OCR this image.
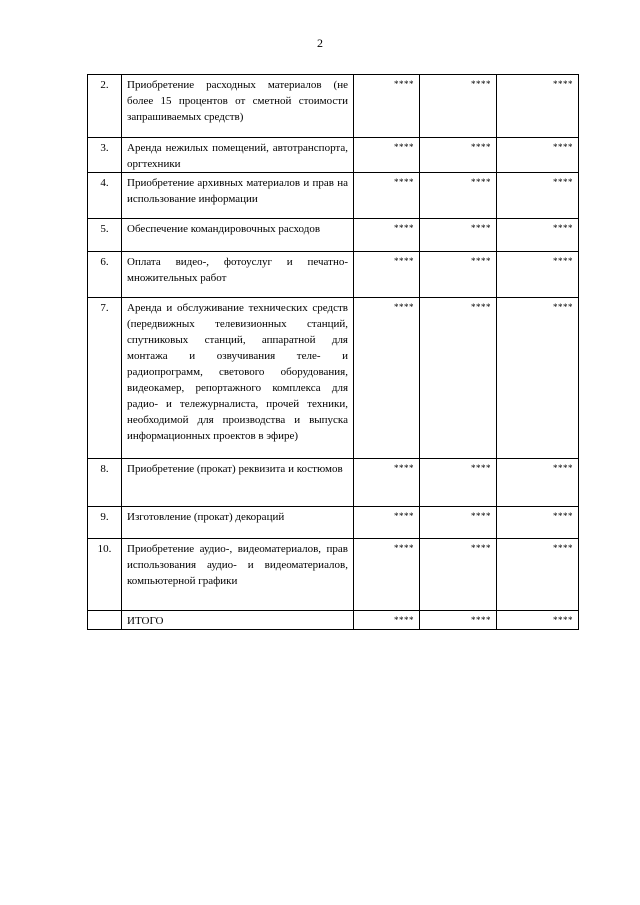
2
2.	Приобретение расходных материалов (не более 15 процентов от сметной стоимости запрашиваемых средств)	****	****	****
3.	Аренда нежилых помещений, автотранспорта, оргтехники	****	****	****
4.	Приобретение архивных материалов и прав на использование информации	****	****	****
5.	Обеспечение командировочных расходов	****	****	****
6.	Оплата видео-, фотоуслуг и печатномножительных работ	****	****	****
7.	Аренда и обслуживание технических средств (передвижных телевизионных станций, спутниковых станций, аппаратной для монтажа и озвучивания теле- и радиопрограмм, светового оборудования, видеокамер, репортажного комплекса для радио- и тележурналиста, прочей техники, необходимой для производства и выпуска информационных проектов в эфире)	****	****	****
8.	Приобретение (прокат) реквизита и костюмов	****	****	****
9.	Изготовление (прокат) декораций	****	****	****
10.	Приобретение аудио-, видеоматериалов, прав использования аудио- и видеоматериалов, компьютерной графики	****	****	****
	ИТОГО	****	****	****
